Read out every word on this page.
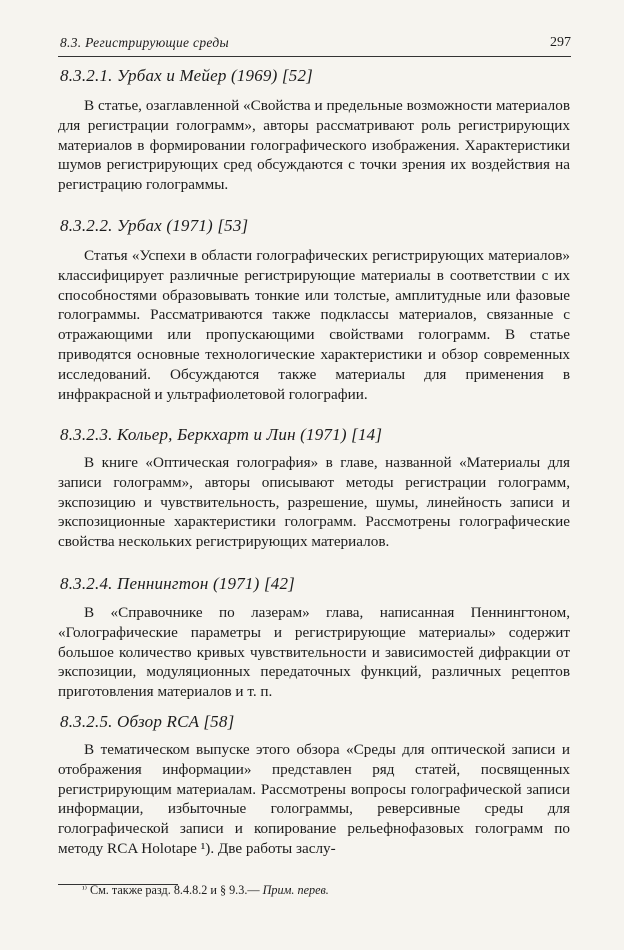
8.3. Регистрирующие среды	297
8.3.2.1. Урбах и Мейер (1969) [52]
В статье, озаглавленной «Свойства и предельные возможности материалов для регистрации голограмм», авторы рассматривают роль регистрирующих материалов в формировании голографического изображения. Характеристики шумов регистрирующих сред обсуждаются с точки зрения их воздействия на регистрацию голограммы.
8.3.2.2. Урбах (1971) [53]
Статья «Успехи в области голографических регистрирующих материалов» классифицирует различные регистрирующие материалы в соответствии с их способностями образовывать тонкие или толстые, амплитудные или фазовые голограммы. Рассматриваются также подклассы материалов, связанные с отражающими или пропускающими свойствами голограмм. В статье приводятся основные технологические характеристики и обзор современных исследований. Обсуждаются также материалы для применения в инфракрасной и ультрафиолетовой голографии.
8.3.2.3. Кольер, Беркхарт и Лин (1971) [14]
В книге «Оптическая голография» в главе, названной «Материалы для записи голограмм», авторы описывают методы регистрации голограмм, экспозицию и чувствительность, разрешение, шумы, линейность записи и экспозиционные характеристики голограмм. Рассмотрены голографические свойства нескольких регистрирующих материалов.
8.3.2.4. Пеннингтон (1971) [42]
В «Справочнике по лазерам» глава, написанная Пеннингтоном, «Голографические параметры и регистрирующие материалы» содержит большое количество кривых чувствительности и зависимостей дифракции от экспозиции, модуляционных передаточных функций, различных рецептов приготовления материалов и т. п.
8.3.2.5. Обзор RCA [58]
В тематическом выпуске этого обзора «Среды для оптической записи и отображения информации» представлен ряд статей, посвященных регистрирующим материалам. Рассмотрены вопросы голографической записи информации, избыточные голограммы, реверсивные среды для голографической записи и копирование рельефнофазовых голограмм по методу RCA Holotape ¹). Две работы заслу-
$^{^{1)}}$ См. также разд. 8.4.8.2 и § 9.3.— Прим. перев.
